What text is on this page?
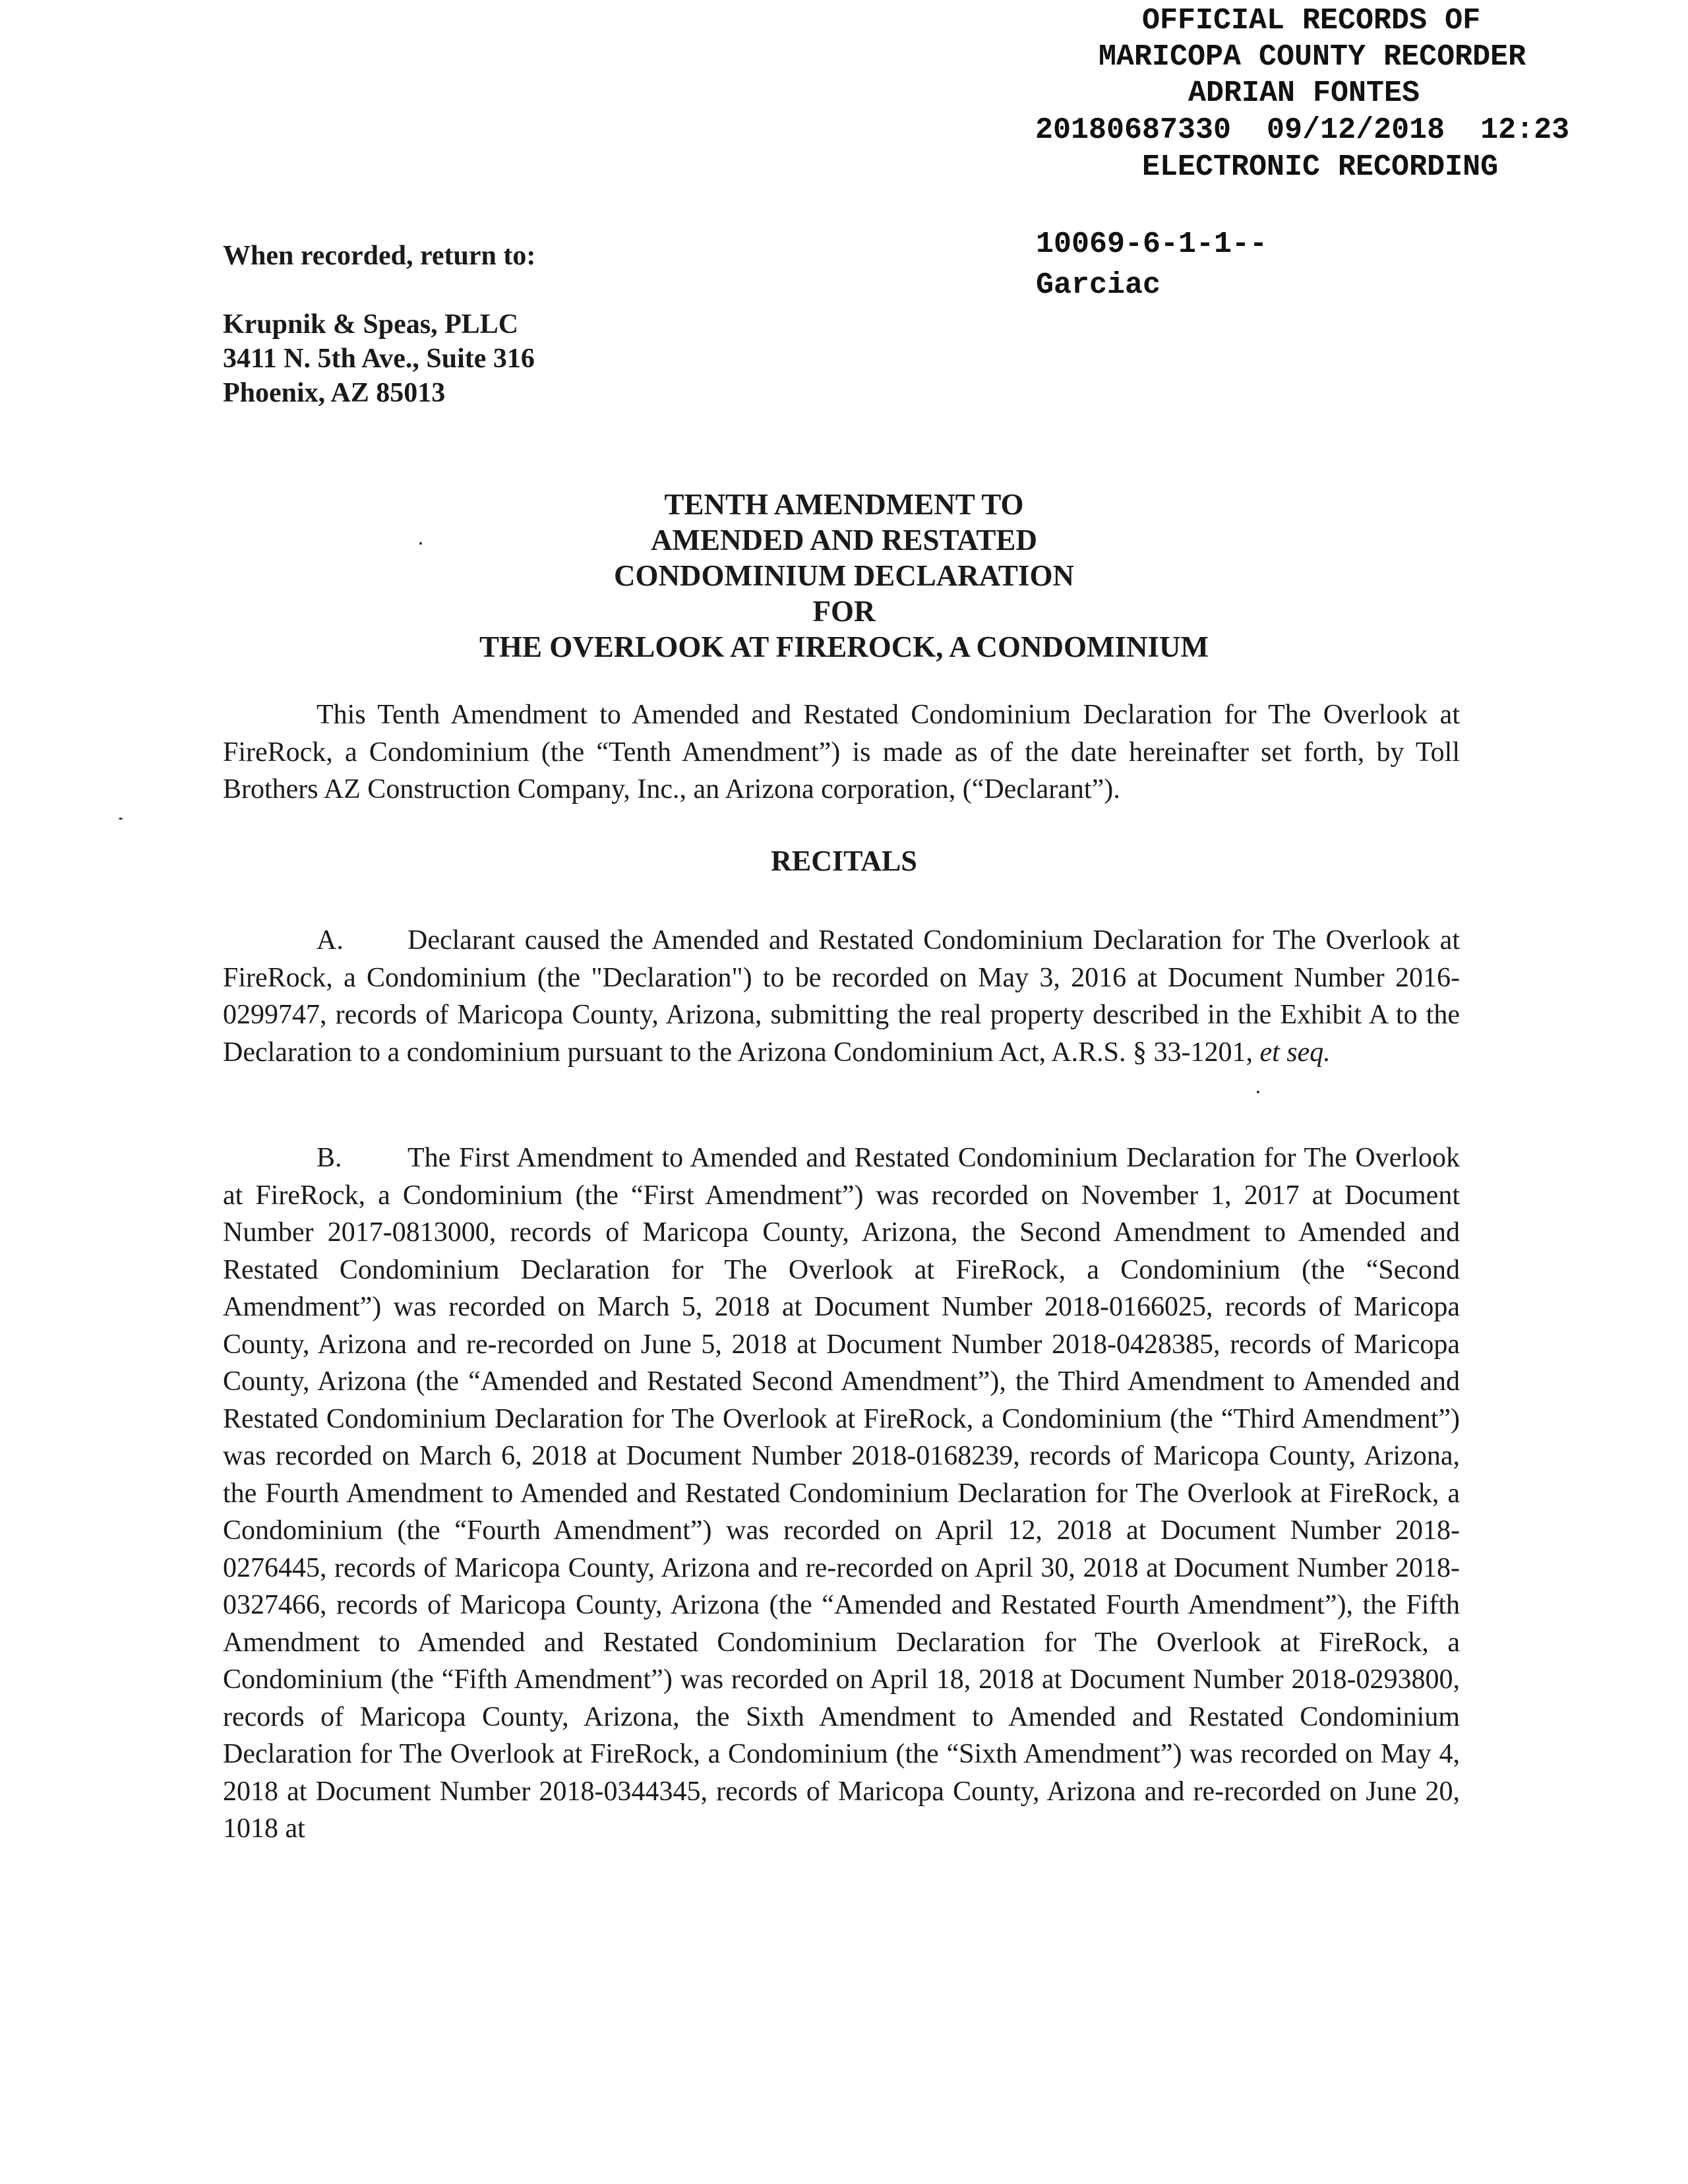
OFFICIAL RECORDS OF
MARICOPA COUNTY RECORDER
ADRIAN FONTES
20180687330  09/12/2018  12:23
ELECTRONIC RECORDING
10069-6-1-1--
Garciac
When recorded, return to:
Krupnik & Speas, PLLC
3411 N. 5th Ave., Suite 316
Phoenix, AZ 85013
TENTH AMENDMENT TO
AMENDED AND RESTATED
CONDOMINIUM DECLARATION
FOR
THE OVERLOOK AT FIREROCK, A CONDOMINIUM
This Tenth Amendment to Amended and Restated Condominium Declaration for The Overlook at FireRock, a Condominium (the “Tenth Amendment”) is made as of the date hereinafter set forth, by Toll Brothers AZ Construction Company, Inc., an Arizona corporation, (“Declarant”).
RECITALS
A. Declarant caused the Amended and Restated Condominium Declaration for The Overlook at FireRock, a Condominium (the "Declaration") to be recorded on May 3, 2016 at Document Number 2016-0299747, records of Maricopa County, Arizona, submitting the real property described in the Exhibit A to the Declaration to a condominium pursuant to the Arizona Condominium Act, A.R.S. § 33-1201, et seq.
B. The First Amendment to Amended and Restated Condominium Declaration for The Overlook at FireRock, a Condominium (the “First Amendment”) was recorded on November 1, 2017 at Document Number 2017-0813000, records of Maricopa County, Arizona, the Second Amendment to Amended and Restated Condominium Declaration for The Overlook at FireRock, a Condominium (the “Second Amendment”) was recorded on March 5, 2018 at Document Number 2018-0166025, records of Maricopa County, Arizona and re-recorded on June 5, 2018 at Document Number 2018-0428385, records of Maricopa County, Arizona (the “Amended and Restated Second Amendment”), the Third Amendment to Amended and Restated Condominium Declaration for The Overlook at FireRock, a Condominium (the “Third Amendment”) was recorded on March 6, 2018 at Document Number 2018-0168239, records of Maricopa County, Arizona, the Fourth Amendment to Amended and Restated Condominium Declaration for The Overlook at FireRock, a Condominium (the “Fourth Amendment”) was recorded on April 12, 2018 at Document Number 2018-0276445, records of Maricopa County, Arizona and re-recorded on April 30, 2018 at Document Number 2018-0327466, records of Maricopa County, Arizona (the “Amended and Restated Fourth Amendment”), the Fifth Amendment to Amended and Restated Condominium Declaration for The Overlook at FireRock, a Condominium (the “Fifth Amendment”) was recorded on April 18, 2018 at Document Number 2018-0293800, records of Maricopa County, Arizona, the Sixth Amendment to Amended and Restated Condominium Declaration for The Overlook at FireRock, a Condominium (the “Sixth Amendment”) was recorded on May 4, 2018 at Document Number 2018-0344345, records of Maricopa County, Arizona and re-recorded on June 20, 1018 at
